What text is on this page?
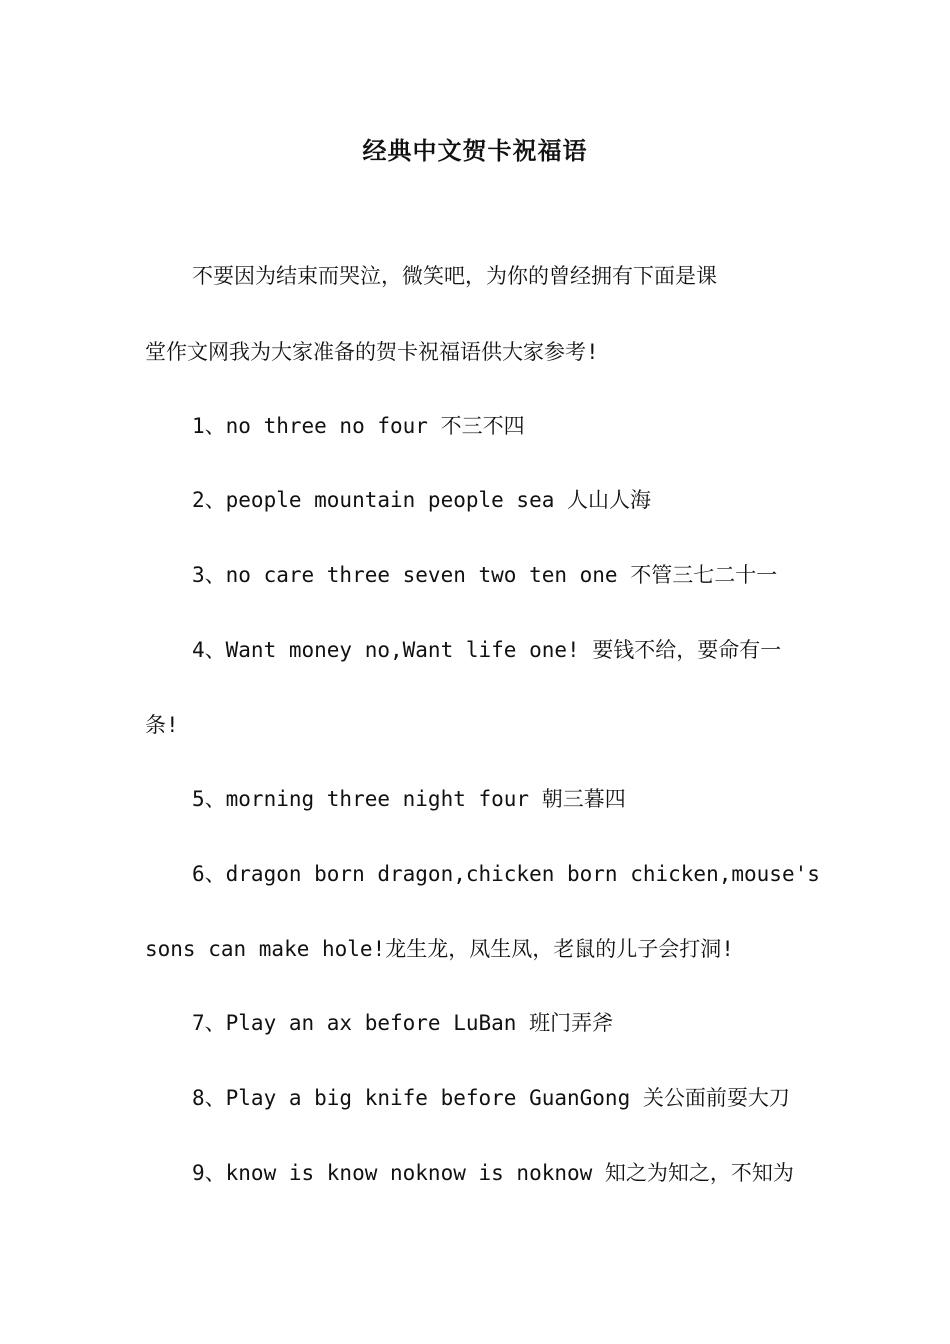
经典中文贺卡祝福语
不要因为结束而哭泣，微笑吧，为你的曾经拥有下面是课
堂作文网我为大家准备的贺卡祝福语供大家参考!
1、no three no four 不三不四
2、people mountain people sea 人山人海
3、no care three seven two ten one 不管三七二十一
4、Want money no,Want life one! 要钱不给，要命有一
条!
5、morning three night four 朝三暮四
6、dragon born dragon,chicken born chicken,mouse's
sons can make hole!龙生龙，凤生凤，老鼠的儿子会打洞!
7、Play an ax before LuBan 班门弄斧
8、Play a big knife before GuanGong 关公面前耍大刀
9、know is know noknow is noknow 知之为知之，不知为
